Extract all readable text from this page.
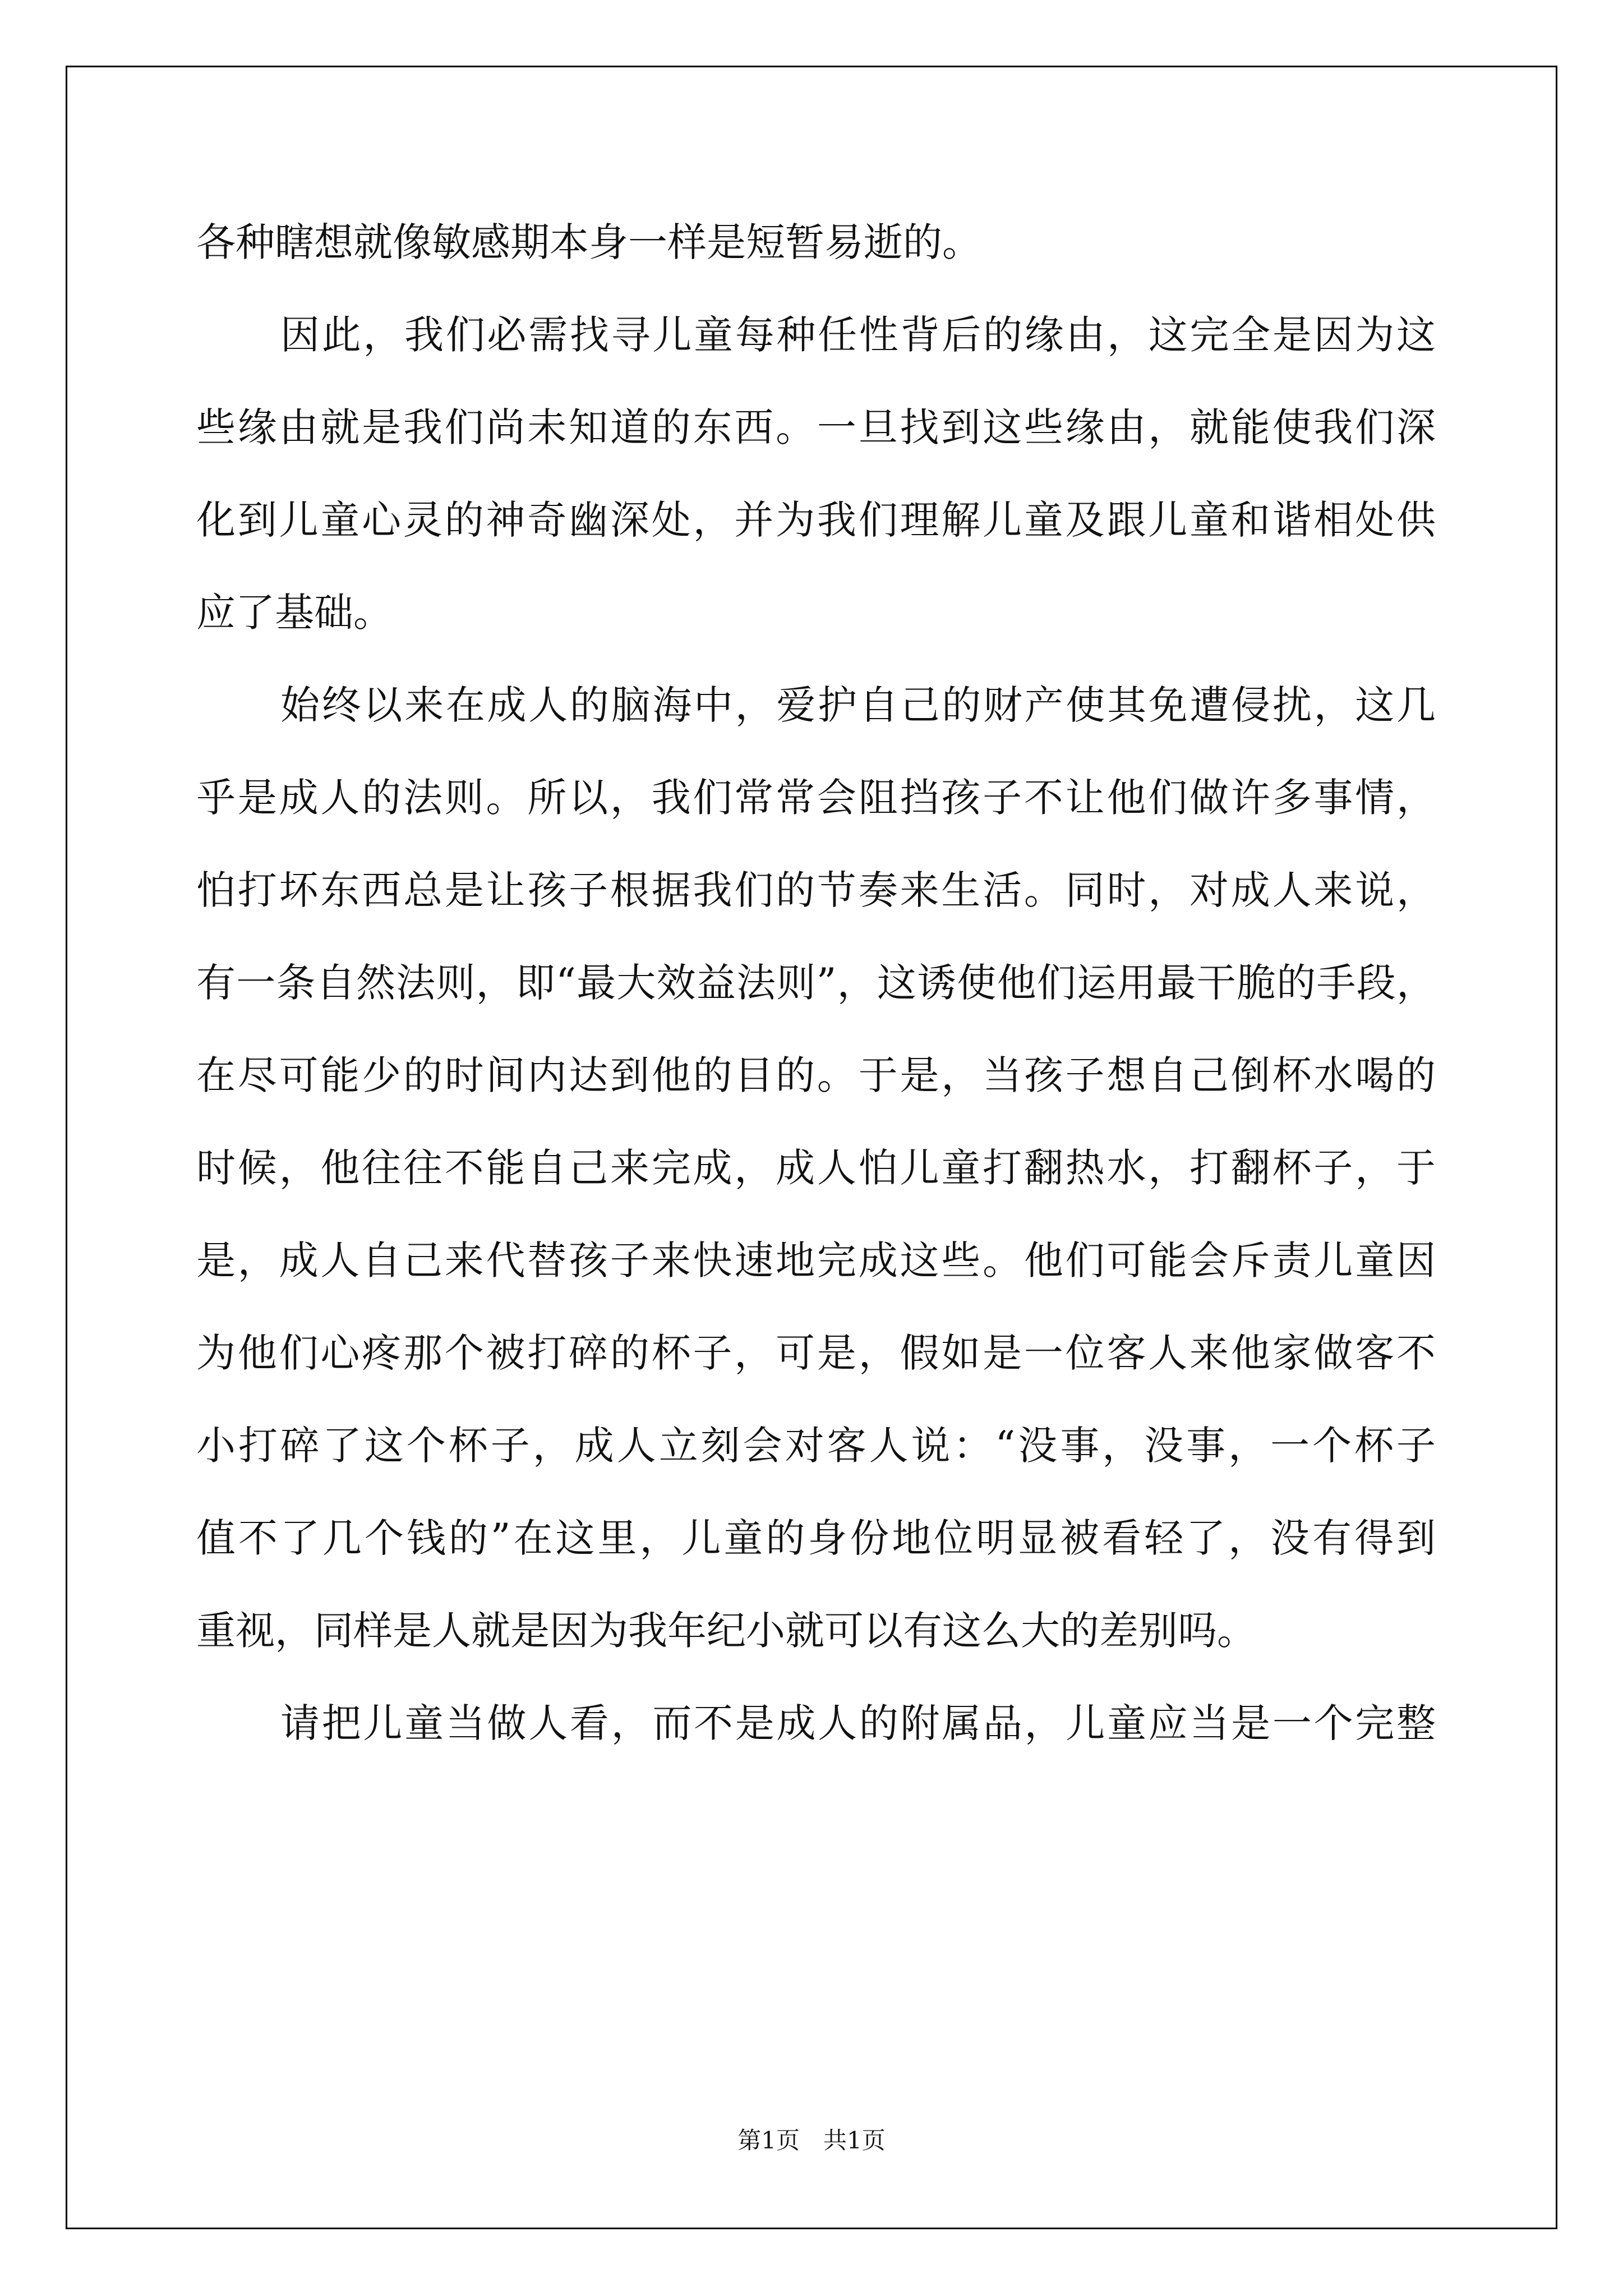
各种瞎想就像敏感期本身一样是短暂易逝的。
因此，我们必需找寻儿童每种任性背后的缘由，这完全是因为这
些缘由就是我们尚未知道的东西。一旦找到这些缘由，就能使我们深
化到儿童心灵的神奇幽深处，并为我们理解儿童及跟儿童和谐相处供
应了基础。
始终以来在成人的脑海中，爱护自己的财产使其免遭侵扰，这几
乎是成人的法则。所以，我们常常会阻挡孩子不让他们做许多事情，
怕打坏东西总是让孩子根据我们的节奏来生活。同时，对成人来说，
有一条自然法则，即“最大效益法则”，这诱使他们运用最干脆的手段，
在尽可能少的时间内达到他的目的。于是，当孩子想自己倒杯水喝的
时候，他往往不能自己来完成，成人怕儿童打翻热水，打翻杯子，于
是，成人自己来代替孩子来快速地完成这些。他们可能会斥责儿童因
为他们心疼那个被打碎的杯子，可是，假如是一位客人来他家做客不
小打碎了这个杯子，成人立刻会对客人说：“没事，没事，一个杯子
值不了几个钱的”在这里，儿童的身份地位明显被看轻了，没有得到
重视，同样是人就是因为我年纪小就可以有这么大的差别吗。
请把儿童当做人看，而不是成人的附属品，儿童应当是一个完整
第1页　共1页
